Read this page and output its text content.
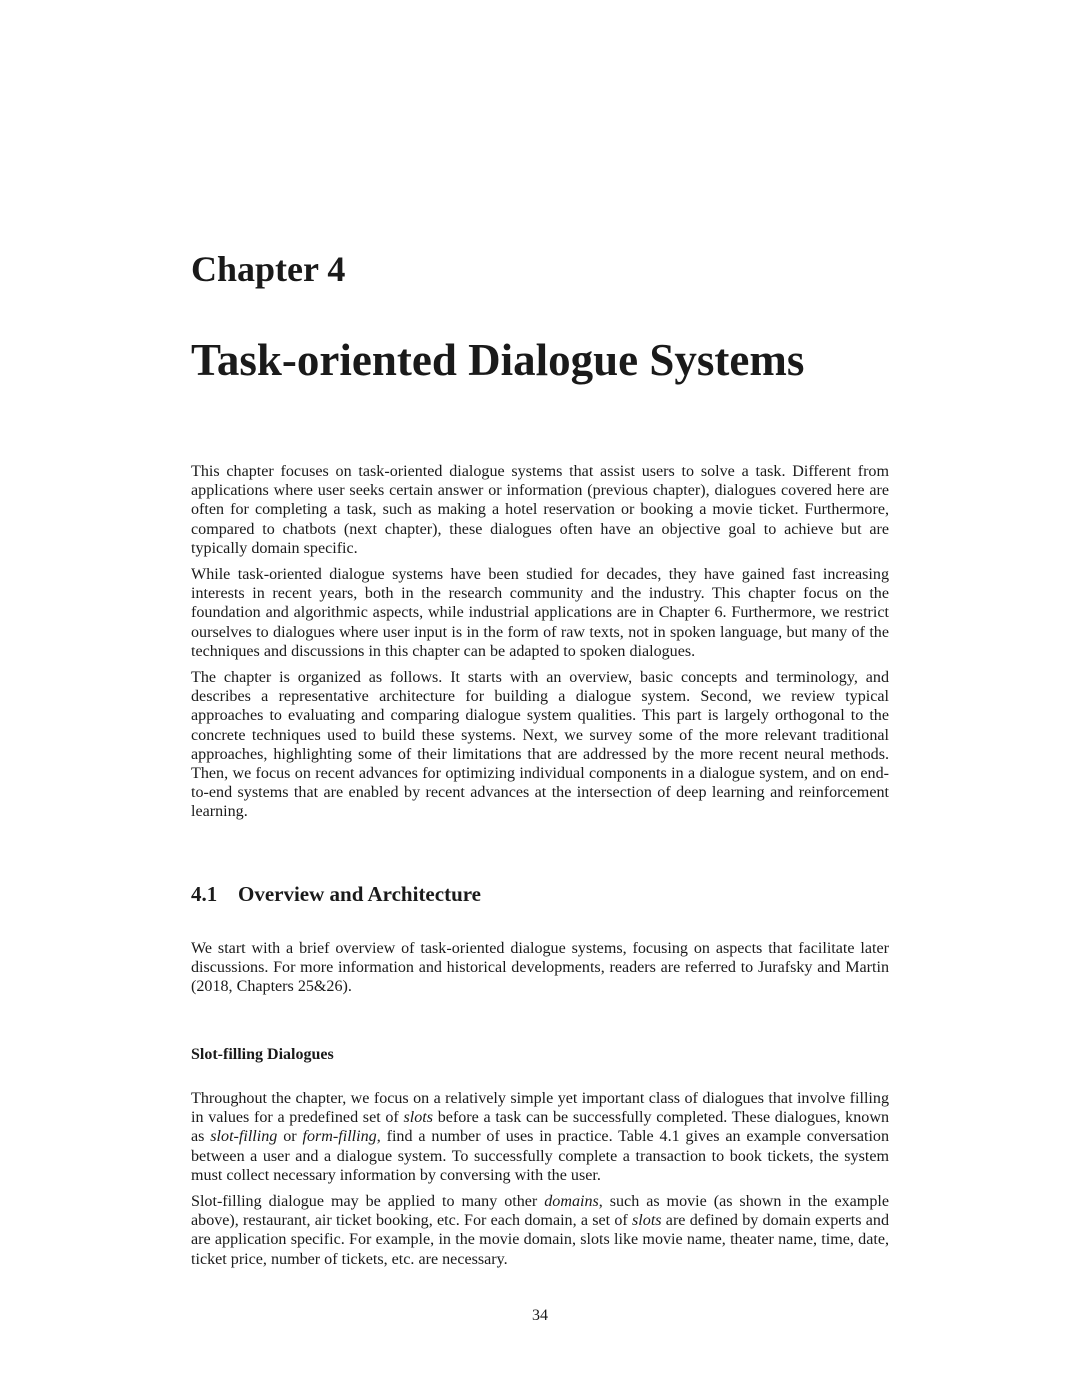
Chapter 4
Task-oriented Dialogue Systems

This chapter focuses on task-oriented dialogue systems that assist users to solve a task. Different from applications where user seeks certain answer or information (previous chapter), dialogues covered here are often for completing a task, such as making a hotel reservation or booking a movie ticket. Furthermore, compared to chatbots (next chapter), these dialogues often have an objective goal to achieve but are typically domain specific.

While task-oriented dialogue systems have been studied for decades, they have gained fast increasing interests in recent years, both in the research community and the industry. This chapter focus on the foundation and algorithmic aspects, while industrial applications are in Chapter 6. Furthermore, we restrict ourselves to dialogues where user input is in the form of raw texts, not in spoken language, but many of the techniques and discussions in this chapter can be adapted to spoken dialogues.

The chapter is organized as follows. It starts with an overview, basic concepts and terminology, and describes a representative architecture for building a dialogue system. Second, we review typical approaches to evaluating and comparing dialogue system qualities. This part is largely orthogonal to the concrete techniques used to build these systems. Next, we survey some of the more relevant traditional approaches, highlighting some of their limitations that are addressed by the more recent neural methods. Then, we focus on recent advances for optimizing individual components in a dialogue system, and on end-to-end systems that are enabled by recent advances at the intersection of deep learning and reinforcement learning.

4.1 Overview and Architecture

We start with a brief overview of task-oriented dialogue systems, focusing on aspects that facilitate later discussions. For more information and historical developments, readers are referred to Jurafsky and Martin (2018, Chapters 25&26).

Slot-filling Dialogues

Throughout the chapter, we focus on a relatively simple yet important class of dialogues that involve filling in values for a predefined set of slots before a task can be successfully completed. These dialogues, known as slot-filling or form-filling, find a number of uses in practice. Table 4.1 gives an example conversation between a user and a dialogue system. To successfully complete a transaction to book tickets, the system must collect necessary information by conversing with the user.

Slot-filling dialogue may be applied to many other domains, such as movie (as shown in the example above), restaurant, air ticket booking, etc. For each domain, a set of slots are defined by domain experts and are application specific. For example, in the movie domain, slots like movie name, theater name, time, date, ticket price, number of tickets, etc. are necessary.

34
